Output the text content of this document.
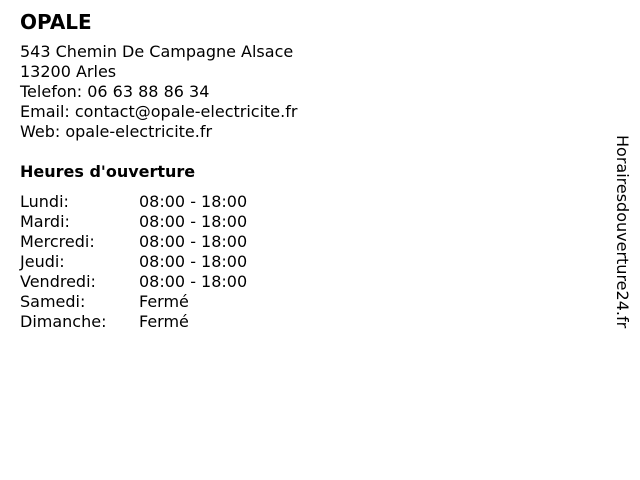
OPALE
543 Chemin De Campagne Alsace
13200 Arles
Telefon: 06 63 88 86 34
Email: contact@opale-electricite.fr
Web: opale-electricite.fr
Heures d'ouverture
Lundi:	08:00 - 18:00
Mardi:	08:00 - 18:00
Mercredi:	08:00 - 18:00
Jeudi:	08:00 - 18:00
Vendredi:	08:00 - 18:00
Samedi:	Fermé
Dimanche:	Fermé	Horairesdouverture24.fr
